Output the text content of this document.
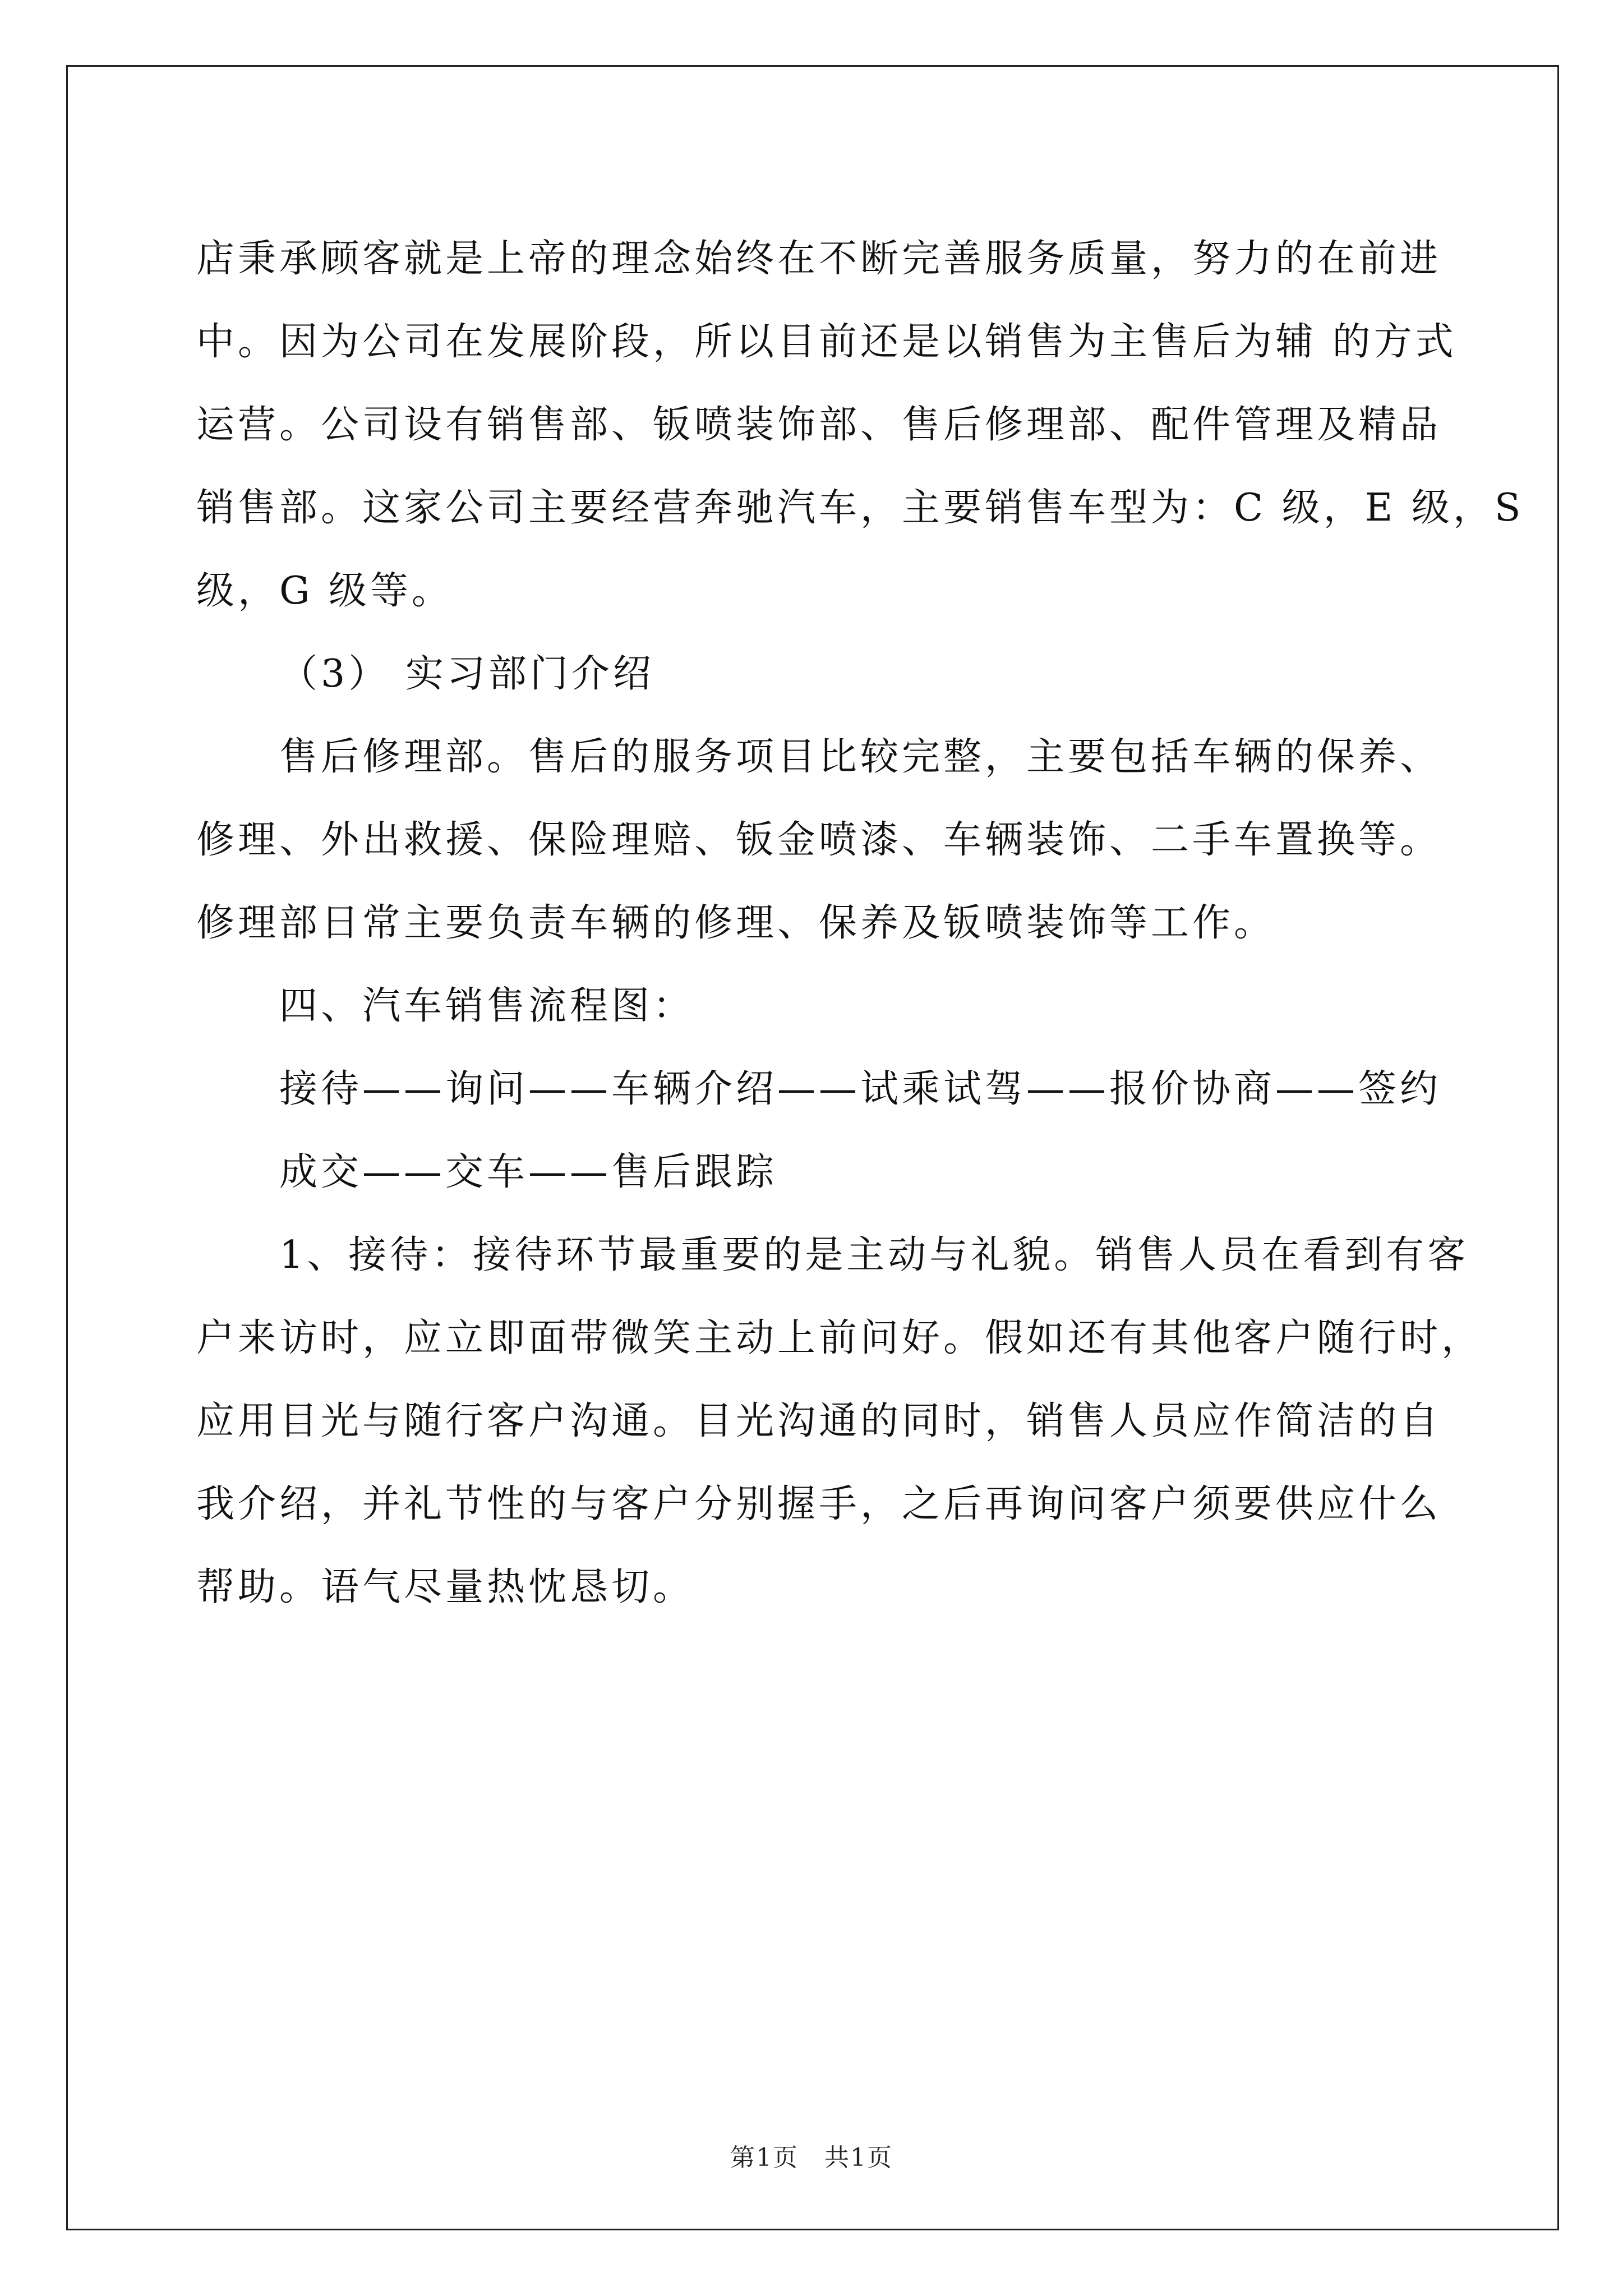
店秉承顾客就是上帝的理念始终在不断完善服务质量，努力的在前进
中。因为公司在发展阶段，所以目前还是以销售为主售后为辅 的方式
运营。公司设有销售部、钣喷装饰部、售后修理部、配件管理及精品
销售部。这家公司主要经营奔驰汽车，主要销售车型为：C 级，E 级，S
级，G 级等。
（3） 实习部门介绍
售后修理部。售后的服务项目比较完整，主要包括车辆的保养、
修理、外出救援、保险理赔、钣金喷漆、车辆装饰、二手车置换等。
修理部日常主要负责车辆的修理、保养及钣喷装饰等工作。
四、汽车销售流程图：
接待——询问——车辆介绍——试乘试驾——报价协商——签约
成交——交车——售后跟踪
1、接待：接待环节最重要的是主动与礼貌。销售人员在看到有客
户来访时，应立即面带微笑主动上前问好。假如还有其他客户随行时，
应用目光与随行客户沟通。目光沟通的同时，销售人员应作简洁的自
我介绍，并礼节性的与客户分别握手，之后再询问客户须要供应什么
帮助。语气尽量热忱恳切。
第1页　共1页
